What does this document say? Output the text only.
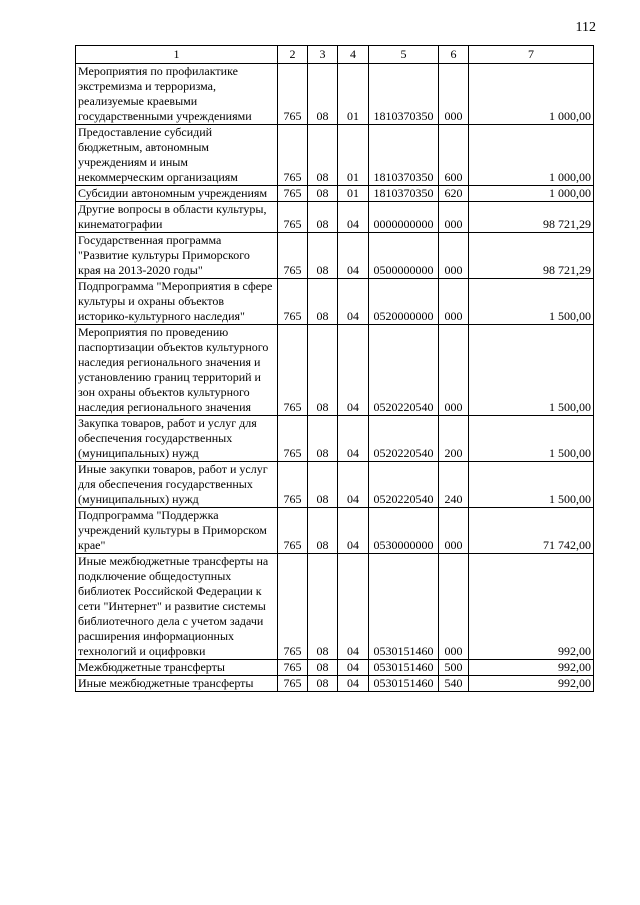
112
1	2	3	4	5	6	7
Мероприятия по профилактике экстремизма и терроризма, реализуемые краевыми государственными учреждениями	765	08	01	1810370350	000	1 000,00
Предоставление субсидий бюджетным, автономным учреждениям и иным некоммерческим организациям	765	08	01	1810370350	600	1 000,00
Субсидии автономным учреждениям	765	08	01	1810370350	620	1 000,00
Другие вопросы в области культуры, кинематографии	765	08	04	0000000000	000	98 721,29
Государственная программа "Развитие культуры Приморского края на 2013-2020 годы"	765	08	04	0500000000	000	98 721,29
Подпрограмма "Мероприятия в сфере культуры и охраны объектов историко-культурного наследия"	765	08	04	0520000000	000	1 500,00
Мероприятия по проведению паспортизации объектов культурного наследия регионального значения и установлению границ территорий и зон охраны объектов культурного наследия регионального значения	765	08	04	0520220540	000	1 500,00
Закупка товаров, работ и услуг для обеспечения государственных (муниципальных) нужд	765	08	04	0520220540	200	1 500,00
Иные закупки товаров, работ и услуг для обеспечения государственных (муниципальных) нужд	765	08	04	0520220540	240	1 500,00
Подпрограмма "Поддержка учреждений культуры в Приморском крае"	765	08	04	0530000000	000	71 742,00
Иные межбюджетные трансферты на подключение общедоступных библиотек Российской Федерации к сети "Интернет" и развитие системы библиотечного дела с учетом задачи расширения информационных технологий и оцифровки	765	08	04	0530151460	000	992,00
Межбюджетные трансферты	765	08	04	0530151460	500	992,00
Иные межбюджетные трансферты	765	08	04	0530151460	540	992,00
